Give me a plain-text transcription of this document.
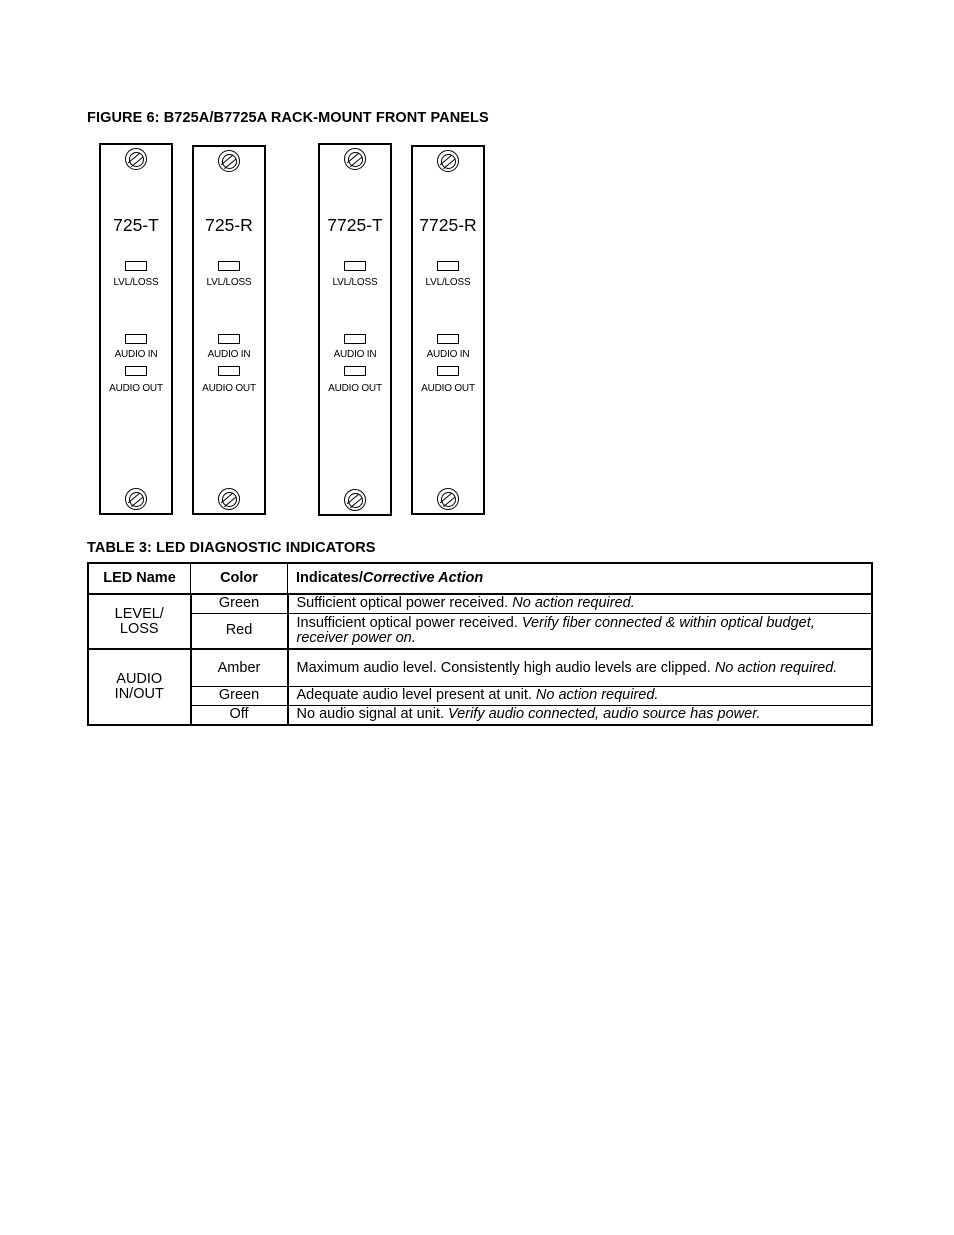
FIGURE 6: B725A/B7725A RACK-MOUNT FRONT PANELS
725-T
LVL/LOSS
AUDIO IN
AUDIO OUT
725-R
LVL/LOSS
AUDIO IN
AUDIO OUT
7725-T
LVL/LOSS
AUDIO IN
AUDIO OUT
7725-R
LVL/LOSS
AUDIO IN
AUDIO OUT
TABLE 3: LED DIAGNOSTIC INDICATORS
LED Name	Color	Indicates/Corrective Action
LEVEL/
LOSS	Green	Sufficient optical power received. No action required.
	Red	Insufficient optical power received. Verify fiber connected & within optical budget, receiver power on.
AUDIO
IN/OUT	Amber	Maximum audio level. Consistently high audio levels are clipped. No action required.
	Green	Adequate audio level present at unit. No action required.
	Off	No audio signal at unit. Verify audio connected, audio source has power.
